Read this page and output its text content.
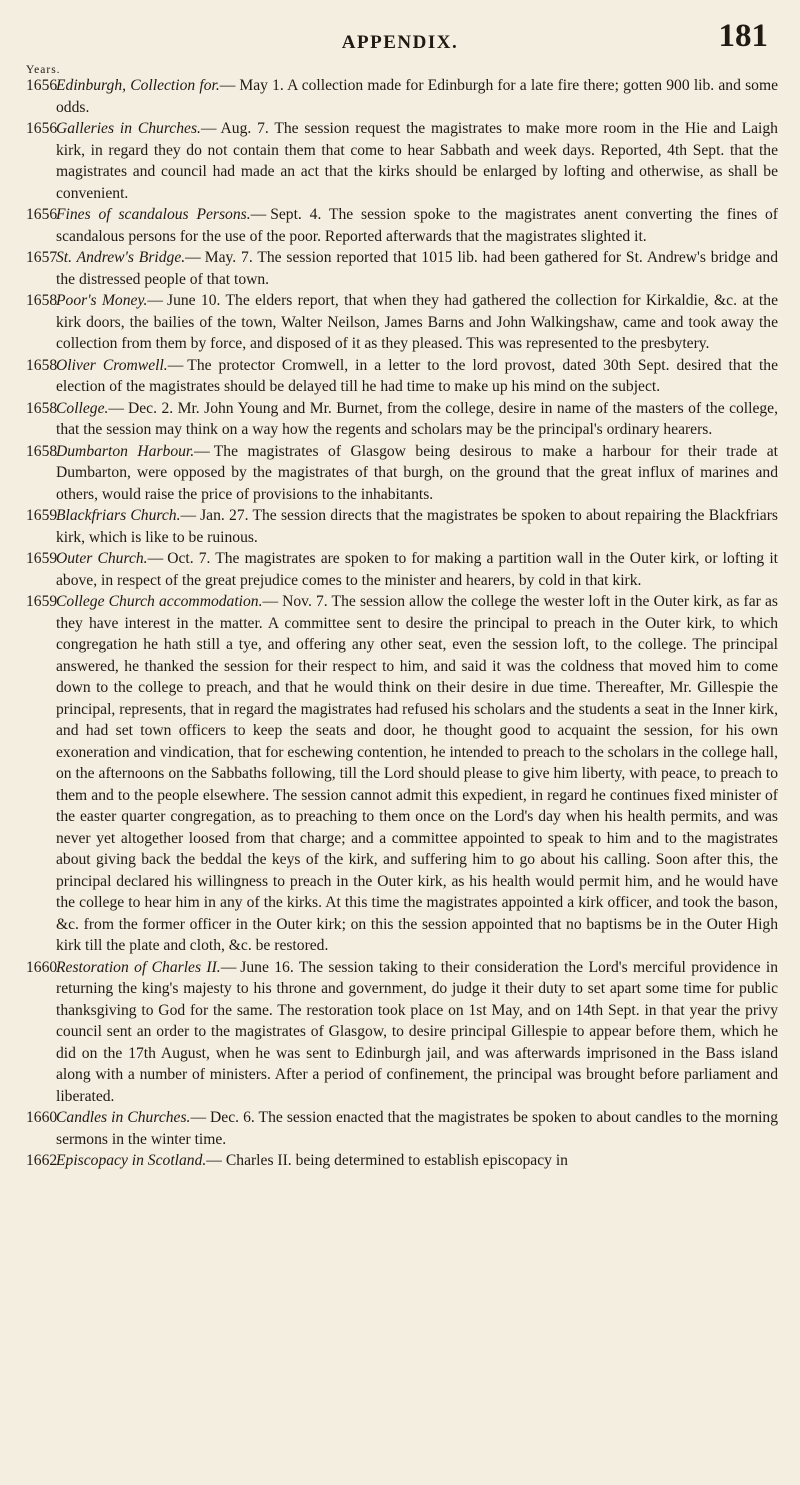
APPENDIX.	181
Years.

1656
Edinburgh, Collection for.— May 1. A collection made for Edinburgh for a late fire there; gotten 900 lib. and some odds.

1656
Galleries in Churches.— Aug. 7. The session request the magistrates to make more room in the Hie and Laigh kirk, in regard they do not contain them that come to hear Sabbath and week days. Reported, 4th Sept. that the magistrates and council had made an act that the kirks should be enlarged by lofting and otherwise, as shall be convenient.

1656
Fines of scandalous Persons.— Sept. 4. The session spoke to the magistrates anent converting the fines of scandalous persons for the use of the poor. Reported afterwards that the magistrates slighted it.

1657
St. Andrew's Bridge.— May. 7. The session reported that 1015 lib. had been gathered for St. Andrew's bridge and the distressed people of that town.

1658
Poor's Money.— June 10. The elders report, that when they had gathered the collection for Kirkaldie, &c. at the kirk doors, the bailies of the town, Walter Neilson, James Barns and John Walkingshaw, came and took away the collection from them by force, and disposed of it as they pleased. This was represented to the presbytery.

1658
Oliver Cromwell.— The protector Cromwell, in a letter to the lord provost, dated 30th Sept. desired that the election of the magistrates should be delayed till he had time to make up his mind on the subject.

1658
College.— Dec. 2. Mr. John Young and Mr. Burnet, from the college, desire in name of the masters of the college, that the session may think on a way how the regents and scholars may be the principal's ordinary hearers.

1658
Dumbarton Harbour.— The magistrates of Glasgow being desirous to make a harbour for their trade at Dumbarton, were opposed by the magistrates of that burgh, on the ground that the great influx of marines and others, would raise the price of provisions to the inhabitants.

1659
Blackfriars Church.— Jan. 27. The session directs that the magistrates be spoken to about repairing the Blackfriars kirk, which is like to be ruinous.

1659
Outer Church.— Oct. 7. The magistrates are spoken to for making a partition wall in the Outer kirk, or lofting it above, in respect of the great prejudice comes to the minister and hearers, by cold in that kirk.

1659
College Church accommodation.— Nov. 7. The session allow the college the wester loft in the Outer kirk, as far as they have interest in the matter. A committee sent to desire the principal to preach in the Outer kirk, to which congregation he hath still a tye, and offering any other seat, even the session loft, to the college. The principal answered, he thanked the session for their respect to him, and said it was the coldness that moved him to come down to the college to preach, and that he would think on their desire in due time. Thereafter, Mr. Gillespie the principal, represents, that in regard the magistrates had refused his scholars and the students a seat in the Inner kirk, and had set town officers to keep the seats and door, he thought good to acquaint the session, for his own exoneration and vindication, that for eschewing contention, he intended to preach to the scholars in the college hall, on the afternoons on the Sabbaths following, till the Lord should please to give him liberty, with peace, to preach to them and to the people elsewhere. The session cannot admit this expedient, in regard he continues fixed minister of the easter quarter congregation, as to preaching to them once on the Lord's day when his health permits, and was never yet altogether loosed from that charge; and a committee appointed to speak to him and to the magistrates about giving back the beddal the keys of the kirk, and suffering him to go about his calling. Soon after this, the principal declared his willingness to preach in the Outer kirk, as his health would permit him, and he would have the college to hear him in any of the kirks. At this time the magistrates appointed a kirk officer, and took the bason, &c. from the former officer in the Outer kirk; on this the session appointed that no baptisms be in the Outer High kirk till the plate and cloth, &c. be restored.

1660
Restoration of Charles II.— June 16. The session taking to their consideration the Lord's merciful providence in returning the king's majesty to his throne and government, do judge it their duty to set apart some time for public thanksgiving to God for the same. The restoration took place on 1st May, and on 14th Sept. in that year the privy council sent an order to the magistrates of Glasgow, to desire principal Gillespie to appear before them, which he did on the 17th August, when he was sent to Edinburgh jail, and was afterwards imprisoned in the Bass island along with a number of ministers. After a period of confinement, the principal was brought before parliament and liberated.

1660
Candles in Churches.— Dec. 6. The session enacted that the magistrates be spoken to about candles to the morning sermons in the winter time.

1662
Episcopacy in Scotland.— Charles II. being determined to establish episcopacy in
